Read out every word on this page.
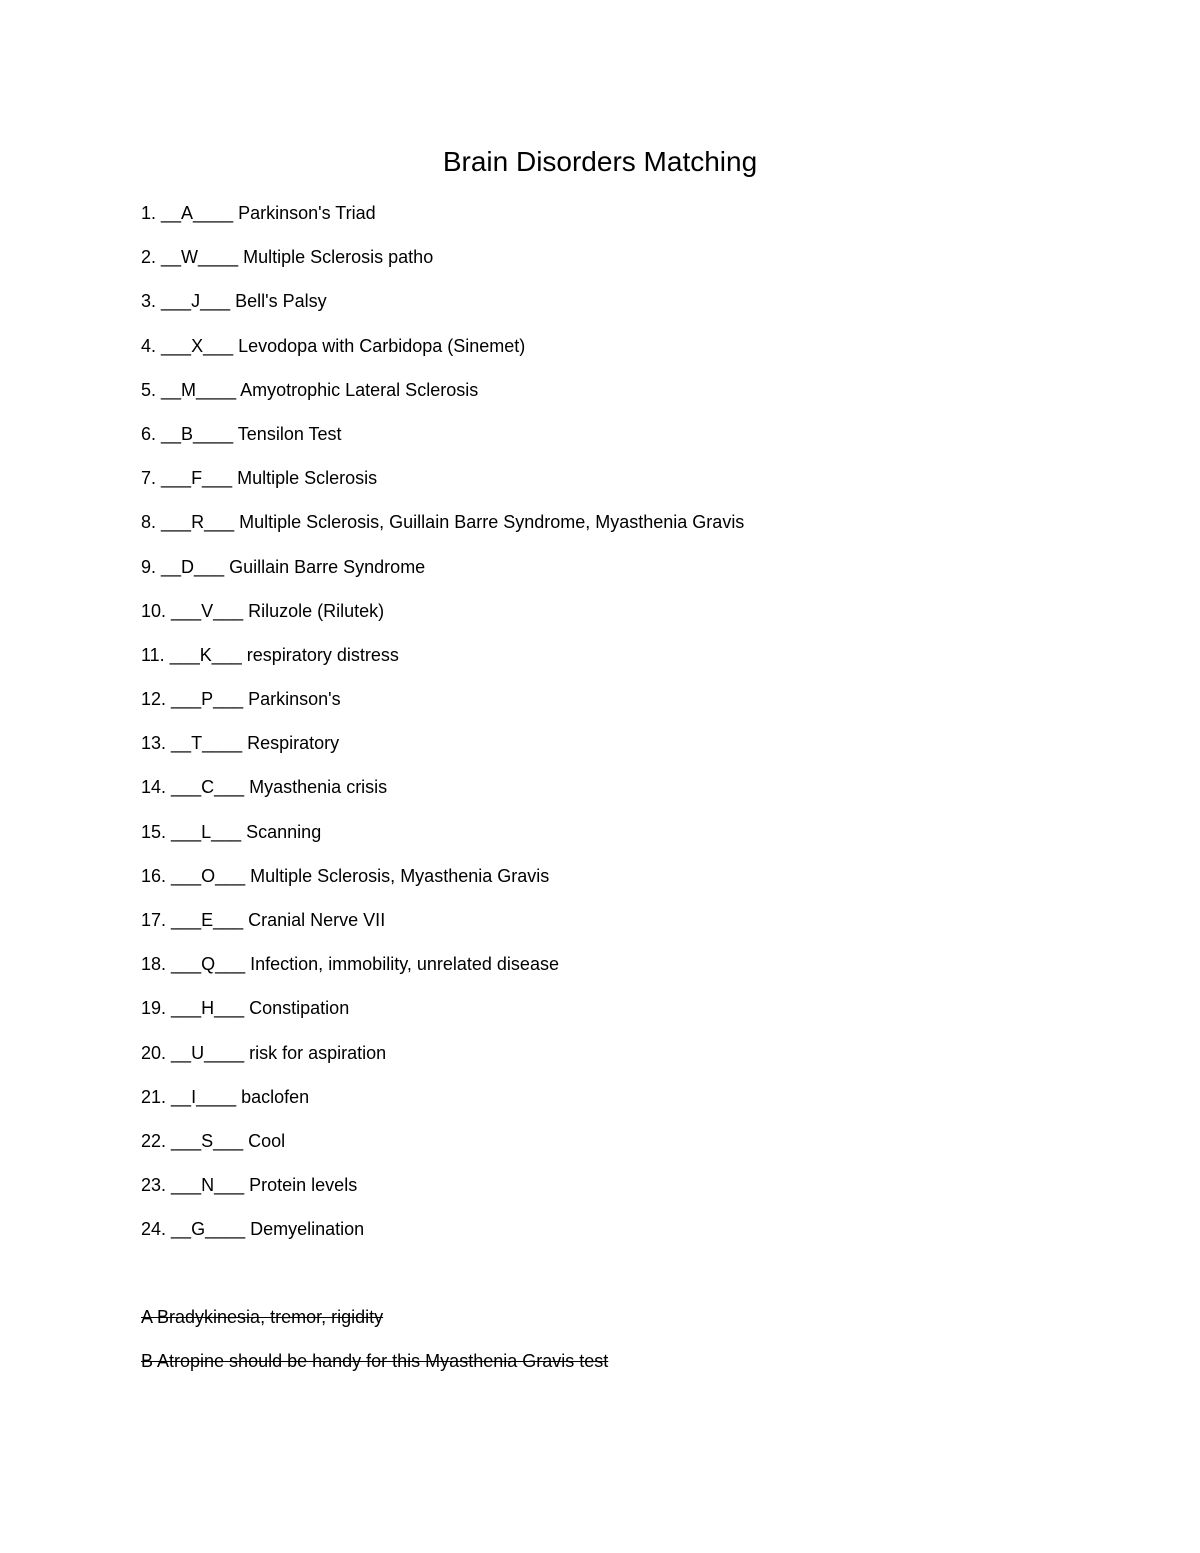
Brain Disorders Matching
1. __A____ Parkinson's Triad
2. __W____ Multiple Sclerosis patho
3. ___J___ Bell's Palsy
4. ___X___ Levodopa with Carbidopa (Sinemet)
5. __M____ Amyotrophic Lateral Sclerosis
6. __B____ Tensilon Test
7. ___F___ Multiple Sclerosis
8. ___R___ Multiple Sclerosis, Guillain Barre Syndrome, Myasthenia Gravis
9. __D___ Guillain Barre Syndrome
10. ___V___ Riluzole (Rilutek)
11. ___K___ respiratory distress
12. ___P___ Parkinson's
13. __T____ Respiratory
14. ___C___ Myasthenia crisis
15. ___L___ Scanning
16. ___O___ Multiple Sclerosis, Myasthenia Gravis
17. ___E___ Cranial Nerve VII
18. ___Q___ Infection, immobility, unrelated disease
19. ___H___ Constipation
20. __U____ risk for aspiration
21. __I____ baclofen
22. ___S___ Cool
23. ___N___ Protein levels
24. __G____ Demyelination
A Bradykinesia, tremor, rigidity
B Atropine should be handy for this Myasthenia Gravis test
